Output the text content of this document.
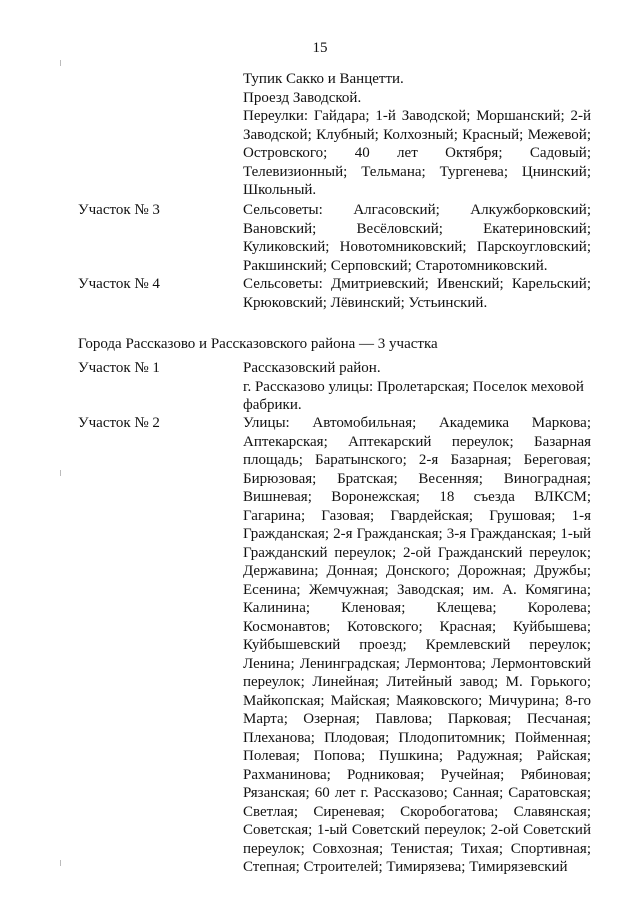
15
Тупик Сакко и Ванцетти.
Проезд Заводской.
Переулки: Гайдара; 1-й Заводской; Моршанский; 2-й Заводской; Клубный; Колхозный; Красный; Межевой; Островского; 40 лет Октября; Садовый; Телевизионный; Тельмана; Тургенева; Цнинский; Школьный.
Участок № 3	Сельсоветы: Алгасовский; Алкужборковский; Вановский; Весёловский; Екатериновский; Куликовский; Новотомниковский; Парскоугловский; Ракшинский; Серповский; Старотомниковский.
Участок № 4	Сельсоветы: Дмитриевский; Ивенский; Карельский; Крюковский; Лёвинский; Устьинский.
Города Рассказово и Рассказовского района — 3 участка
Участок № 1	Рассказовский район.
г. Рассказово улицы: Пролетарская; Поселок меховой фабрики.
Участок № 2	Улицы: Автомобильная; Академика Маркова; Аптекарская; Аптекарский переулок; Базарная площадь; Баратынского; 2-я Базарная; Береговая; Бирюзовая; Братская; Весенняя; Виноградная; Вишневая; Воронежская; 18 съезда ВЛКСМ; Гагарина; Газовая; Гвардейская; Грушовая; 1-я Гражданская; 2-я Гражданская; 3-я Гражданская; 1-ый Гражданский переулок; 2-ой Гражданский переулок; Державина; Донная; Донского; Дорожная; Дружбы; Есенина; Жемчужная; Заводская; им. А. Комягина; Калинина; Кленовая; Клещева; Королева; Космонавтов; Котовского; Красная; Куйбышева; Куйбышевский проезд; Кремлевский переулок; Ленина; Ленинградская; Лермонтова; Лермонтовский переулок; Линейная; Литейный завод; М. Горького; Майкопская; Майская; Маяковского; Мичурина; 8-го Марта; Озерная; Павлова; Парковая; Песчаная; Плеханова; Плодовая; Плодопитомник; Пойменная; Полевая; Попова; Пушкина; Радужная; Райская; Рахманинова; Родниковая; Ручейная; Рябиновая; Рязанская; 60 лет г. Рассказово; Санная; Саратовская; Светлая; Сиреневая; Скоробогатова; Славянская; Советская; 1-ый Советский переулок; 2-ой Советский переулок; Совхозная; Тенистая; Тихая; Спортивная; Степная; Строителей; Тимирязева; Тимирязевский
